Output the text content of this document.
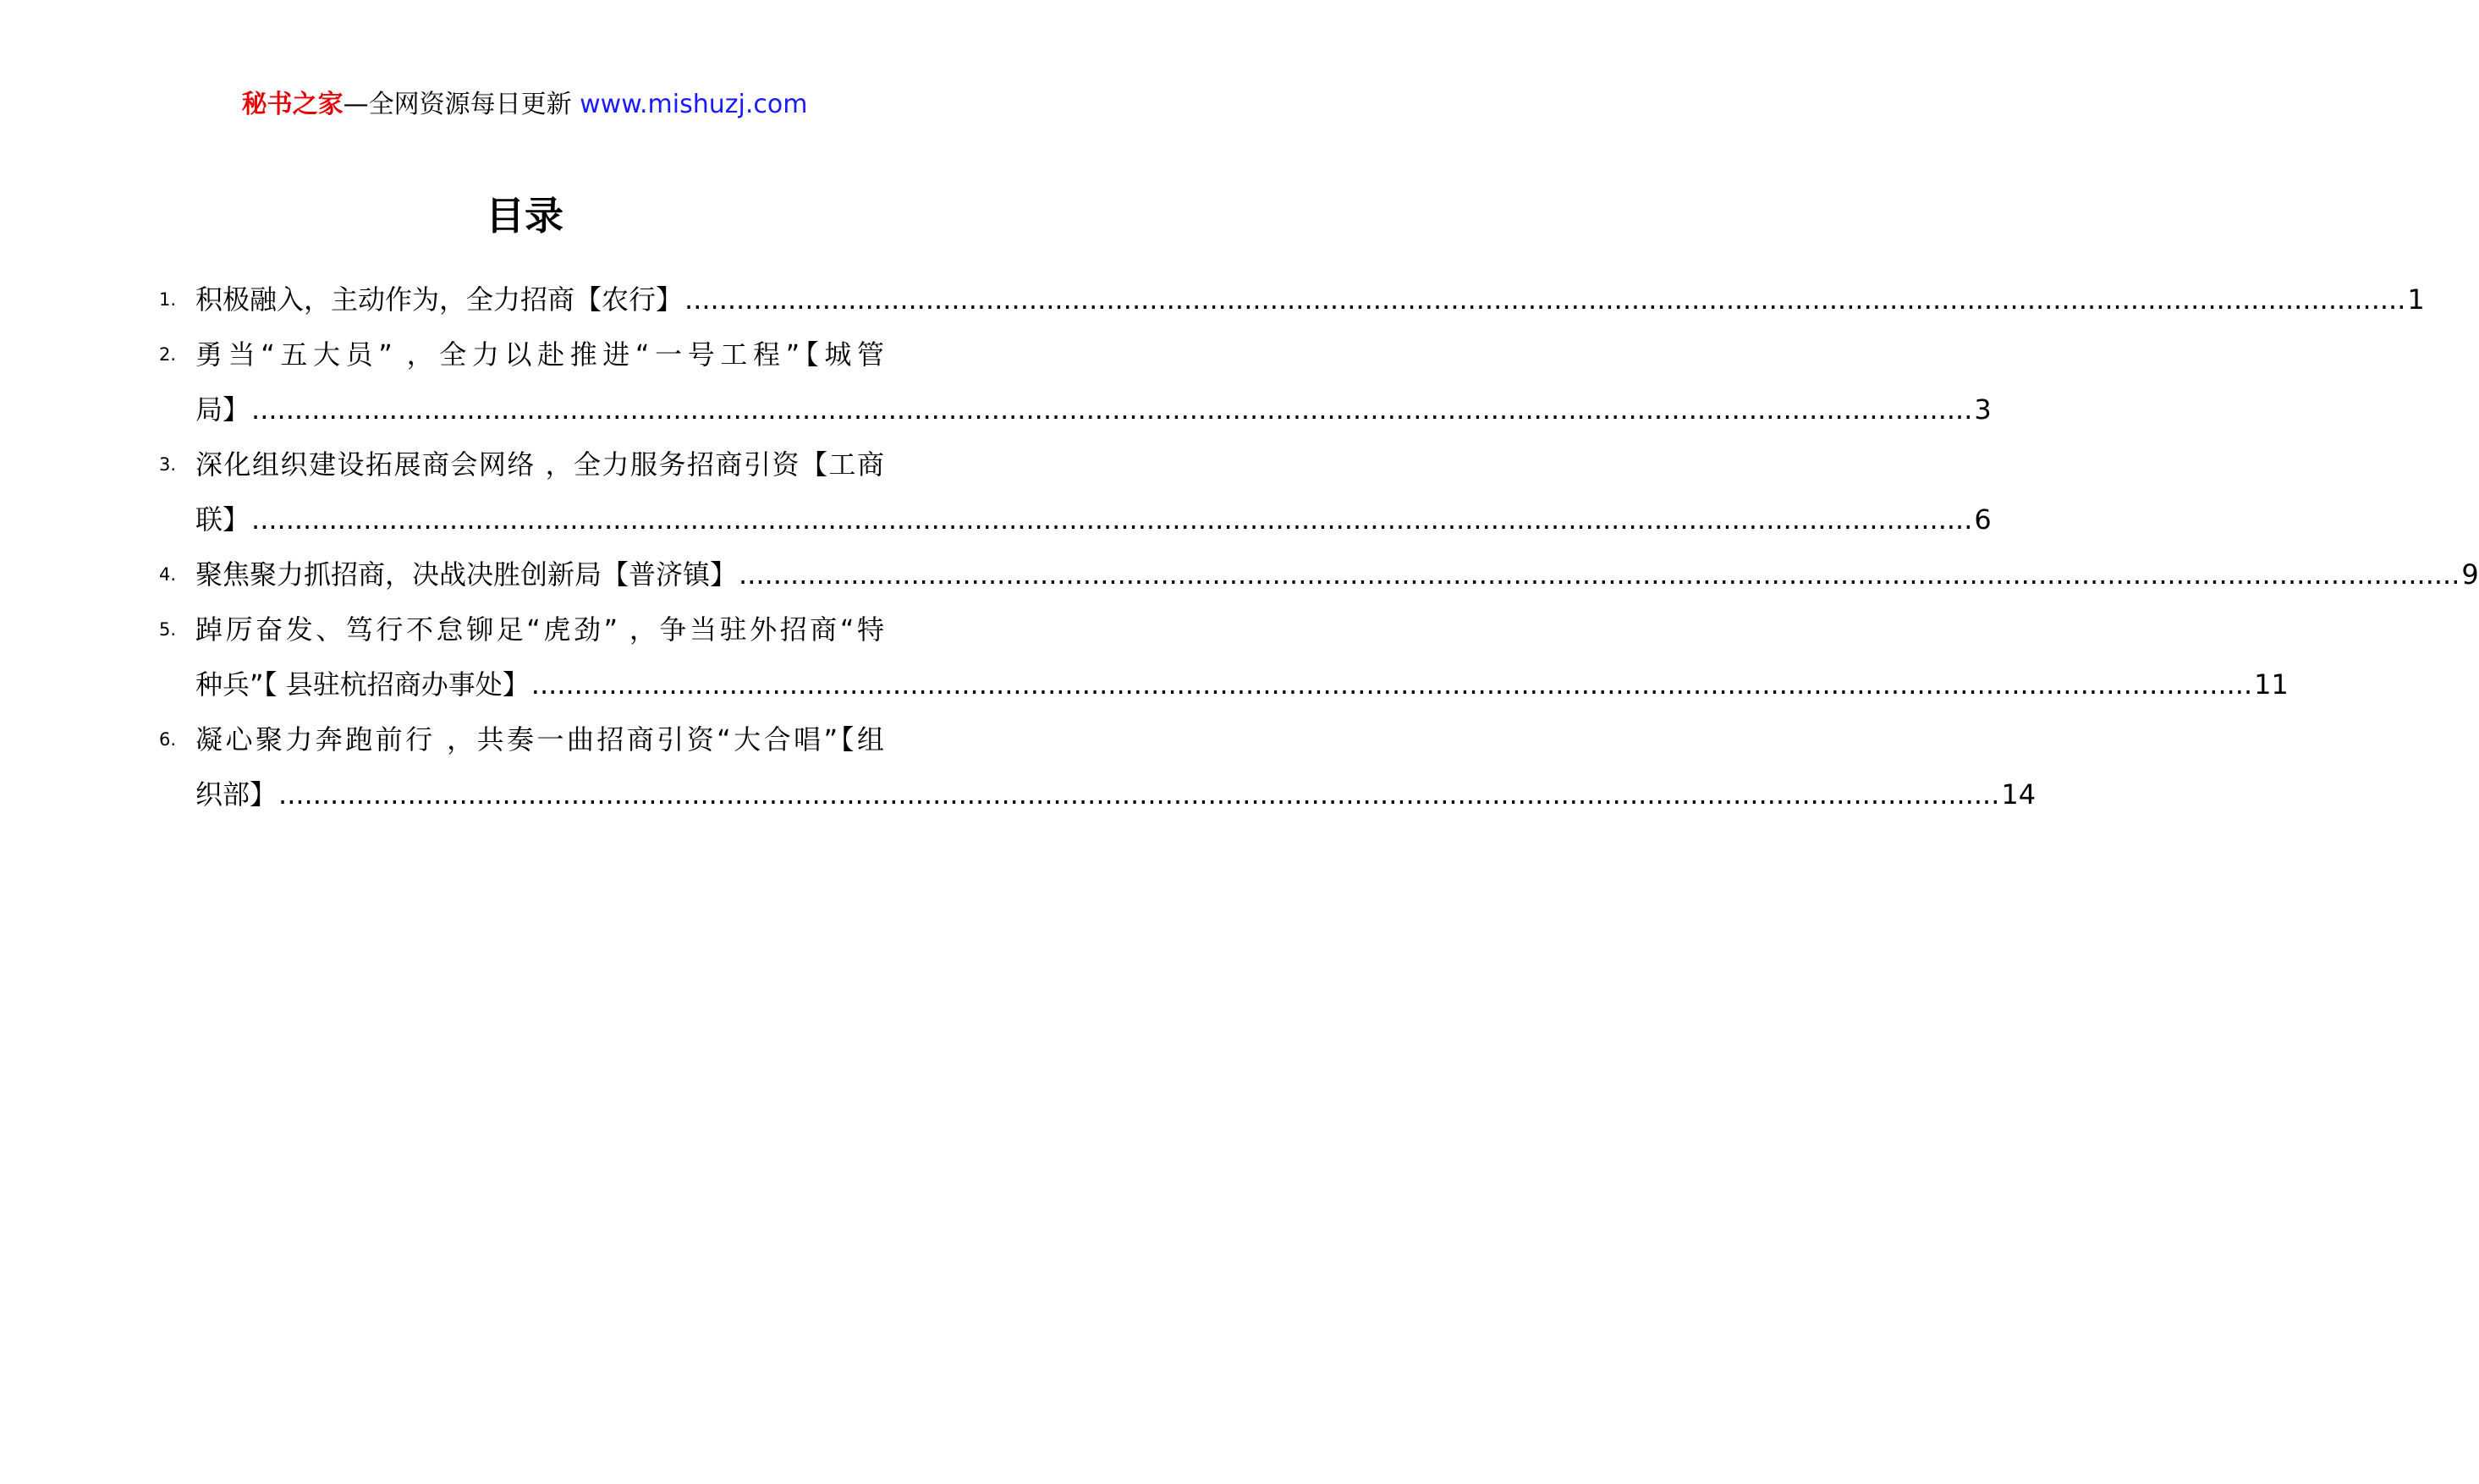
秘书之家—全网资源每日更新 www.mishuzj.com
目录
1. 积极融入，主动作为，全力招商【农行】 ........................................................................................................................................................................................................ 1
2. 勇当“五大员” ，全力以赴推进“一号工程”【城管
局】 ........................................................................................................................................................................................................ 3
3. 深化组织建设拓展商会网络 ，全力服务招商引资【工商
联】 ........................................................................................................................................................................................................ 6
4. 聚焦聚力抓招商，决战决胜创新局【普济镇】 ........................................................................................................................................................................................................ 9
5. 踔厉奋发、笃行不怠铆足“虎劲” ，争当驻外招商“特
种兵”【 县驻杭招商办事处】 ........................................................................................................................................................................................................ 11
6. 凝心聚力奔跑前行 ，共奏一曲招商引资“大合唱”【组
织部】 ........................................................................................................................................................................................................ 14
